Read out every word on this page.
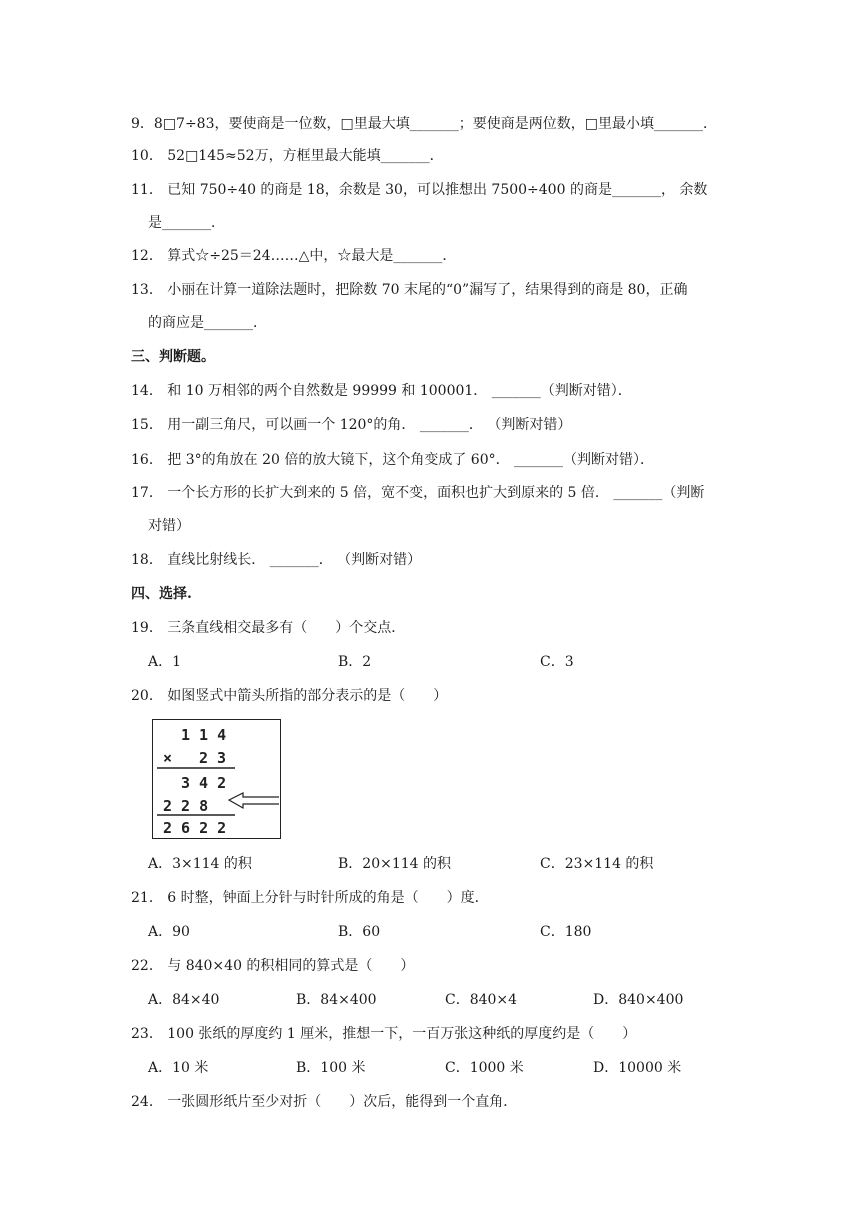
9．8□7÷83，要使商是一位数，□里最大填_______；要使商是两位数，□里最小填_______．
10． 52□145≈52万，方框里最大能填_______．
11． 已知 750÷40 的商是 18，余数是 30，可以推想出 7500÷400 的商是_______， 余数
是_______．
12． 算式☆÷25＝24……△中，☆最大是_______．
13． 小丽在计算一道除法题时，把除数 70 末尾的“0”漏写了，结果得到的商是 80，正确
的商应是_______．
三、判断题。
14． 和 10 万相邻的两个自然数是 99999 和 100001． _______（判断对错）．
15． 用一副三角尺，可以画一个 120°的角． _______． （判断对错）
16． 把 3°的角放在 20 倍的放大镜下，这个角变成了 60°． _______（判断对错）．
17． 一个长方形的长扩大到来的 5 倍，宽不变，面积也扩大到原来的 5 倍． _______（判断
对错）
18． 直线比射线长． _______． （判断对错）
四、选择.
19． 三条直线相交最多有（　　）个交点．
A．1	B．2	C．3
20． 如图竖式中箭头所指的部分表示的是（　　）
1 1 4
× 2 3
3 4 2
2 2 8
2 6 2 2
A．3×114 的积	B．20×114 的积	C．23×114 的积
21． 6 时整，钟面上分针与时针所成的角是（　　）度．
A．90	B．60	C．180
22． 与 840×40 的积相同的算式是（　　）
A．84×40	B．84×400	C．840×4	D．840×400
23． 100 张纸的厚度约 1 厘米，推想一下，一百万张这种纸的厚度约是（　　）
A．10 米	B．100 米	C．1000 米	D．10000 米
24． 一张圆形纸片至少对折（　　）次后，能得到一个直角．
